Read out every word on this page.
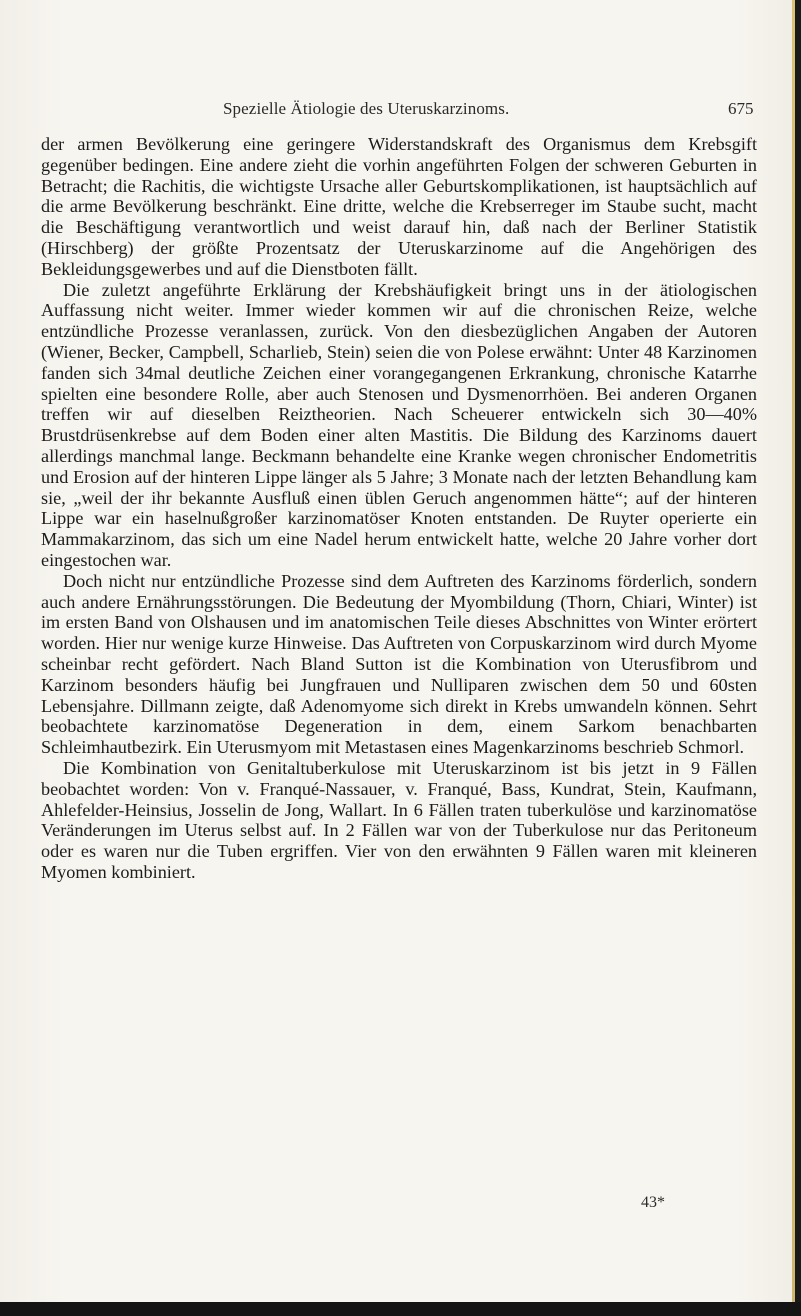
Spezielle Ätiologie des Uteruskarzinoms.	675

der armen Bevölkerung eine geringere Widerstandskraft des Organismus dem Krebsgift gegenüber bedingen. Eine andere zieht die vorhin angeführten Folgen der schweren Geburten in Betracht; die Rachitis, die wichtigste Ursache aller Geburtskomplikationen, ist hauptsächlich auf die arme Bevölkerung beschränkt. Eine dritte, welche die Krebserreger im Staube sucht, macht die Beschäftigung verantwortlich und weist darauf hin, daß nach der Berliner Statistik (Hirschberg) der größte Prozentsatz der Uteruskarzinome auf die Angehörigen des Bekleidungsgewerbes und auf die Dienstboten fällt.

Die zuletzt angeführte Erklärung der Krebshäufigkeit bringt uns in der ätiologischen Auffassung nicht weiter. Immer wieder kommen wir auf die chronischen Reize, welche entzündliche Prozesse veranlassen, zurück. Von den diesbezüglichen Angaben der Autoren (Wiener, Becker, Campbell, Scharlieb, Stein) seien die von Polese erwähnt: Unter 48 Karzinomen fanden sich 34mal deutliche Zeichen einer vorangegangenen Erkrankung, chronische Katarrhe spielten eine besondere Rolle, aber auch Stenosen und Dysmenorrhöen. Bei anderen Organen treffen wir auf dieselben Reiztheorien. Nach Scheuerer entwickeln sich 30—40% Brustdrüsenkrebse auf dem Boden einer alten Mastitis. Die Bildung des Karzinoms dauert allerdings manchmal lange. Beckmann behandelte eine Kranke wegen chronischer Endometritis und Erosion auf der hinteren Lippe länger als 5 Jahre; 3 Monate nach der letzten Behandlung kam sie, „weil der ihr bekannte Ausfluß einen üblen Geruch angenommen hätte“; auf der hinteren Lippe war ein haselnußgroßer karzinomatöser Knoten entstanden. De Ruyter operierte ein Mammakarzinom, das sich um eine Nadel herum entwickelt hatte, welche 20 Jahre vorher dort eingestochen war.

Doch nicht nur entzündliche Prozesse sind dem Auftreten des Karzinoms förderlich, sondern auch andere Ernährungsstörungen. Die Bedeutung der Myombildung (Thorn, Chiari, Winter) ist im ersten Band von Olshausen und im anatomischen Teile dieses Abschnittes von Winter erörtert worden. Hier nur wenige kurze Hinweise. Das Auftreten von Corpuskarzinom wird durch Myome scheinbar recht gefördert. Nach Bland Sutton ist die Kombination von Uterusfibrom und Karzinom besonders häufig bei Jungfrauen und Nulliparen zwischen dem 50 und 60sten Lebensjahre. Dillmann zeigte, daß Adenomyome sich direkt in Krebs umwandeln können. Sehrt beobachtete karzinomatöse Degeneration in dem, einem Sarkom benachbarten Schleimhautbezirk. Ein Uterusmyom mit Metastasen eines Magenkarzinoms beschrieb Schmorl.

Die Kombination von Genitaltuberkulose mit Uteruskarzinom ist bis jetzt in 9 Fällen beobachtet worden: Von v. Franqué-Nassauer, v. Franqué, Bass, Kundrat, Stein, Kaufmann, Ahlefelder-Heinsius, Josselin de Jong, Wallart. In 6 Fällen traten tuberkulöse und karzinomatöse Veränderungen im Uterus selbst auf. In 2 Fällen war von der Tuberkulose nur das Peritoneum oder es waren nur die Tuben ergriffen. Vier von den erwähnten 9 Fällen waren mit kleineren Myomen kombiniert.

43*
